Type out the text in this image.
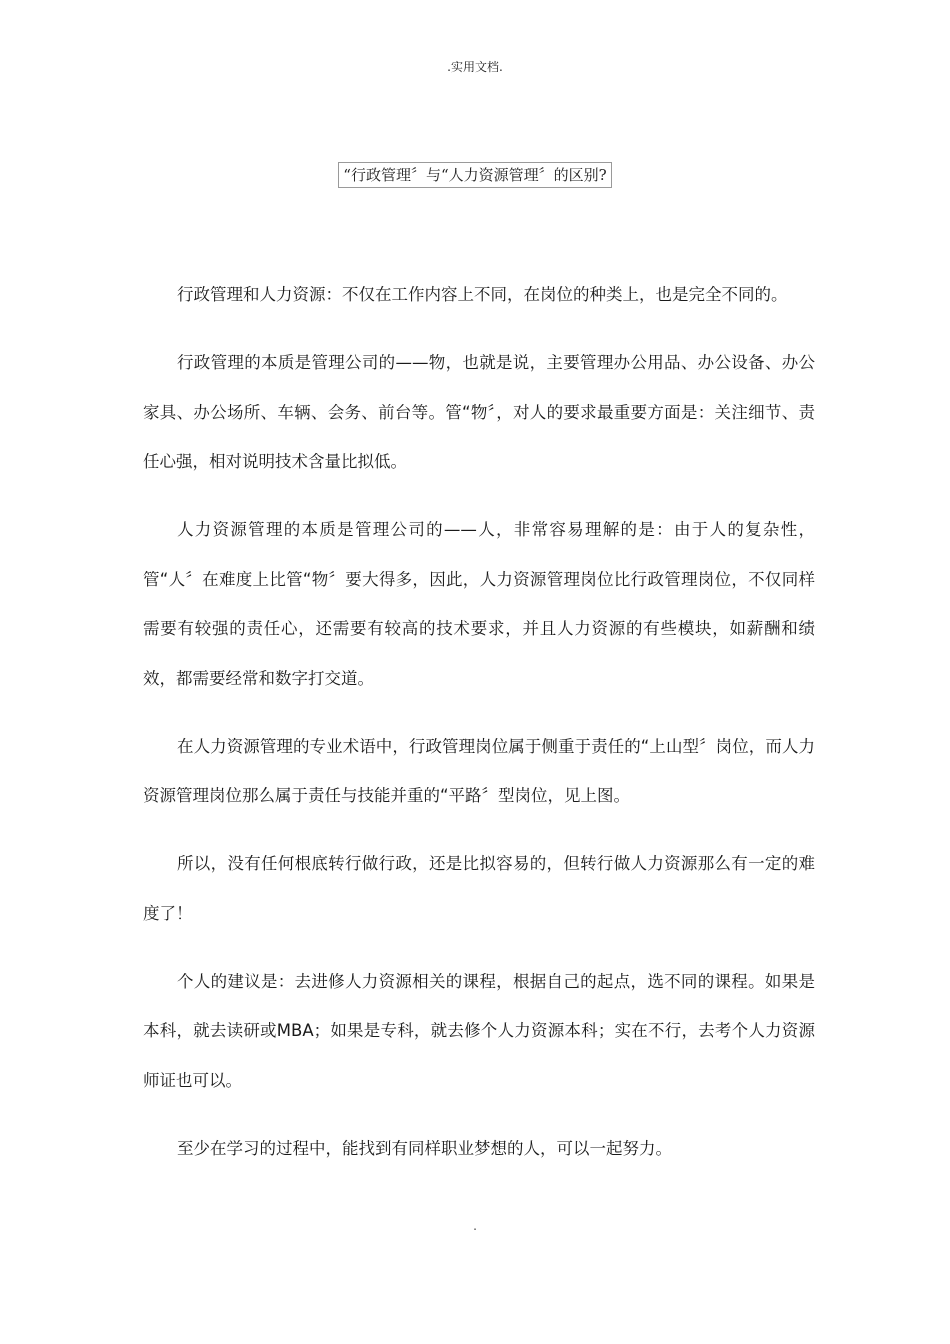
.实用文档.
“行政管理〞与“人力资源管理〞的区别?

行政管理和人力资源：不仅在工作内容上不同，在岗位的种类上，也是完全不同的。

行政管理的本质是管理公司的——物，也就是说，主要管理办公用品、办公设备、办公家具、办公场所、车辆、会务、前台等。管“物〞，对人的要求最重要方面是：关注细节、责任心强，相对说明技术含量比拟低。

人力资源管理的本质是管理公司的——人，非常容易理解的是：由于人的复杂性，管“人〞在难度上比管“物〞要大得多，因此，人力资源管理岗位比行政管理岗位，不仅同样需要有较强的责任心，还需要有较高的技术要求，并且人力资源的有些模块，如薪酬和绩效，都需要经常和数字打交道。

在人力资源管理的专业术语中，行政管理岗位属于侧重于责任的“上山型〞岗位，而人力资源管理岗位那么属于责任与技能并重的“平路〞型岗位，见上图。

所以，没有任何根底转行做行政，还是比拟容易的，但转行做人力资源那么有一定的难度了！

个人的建议是：去进修人力资源相关的课程，根据自己的起点，选不同的课程。如果是本科，就去读研或MBA；如果是专科，就去修个人力资源本科；实在不行，去考个人力资源师证也可以。

至少在学习的过程中，能找到有同样职业梦想的人，可以一起努力。

.
